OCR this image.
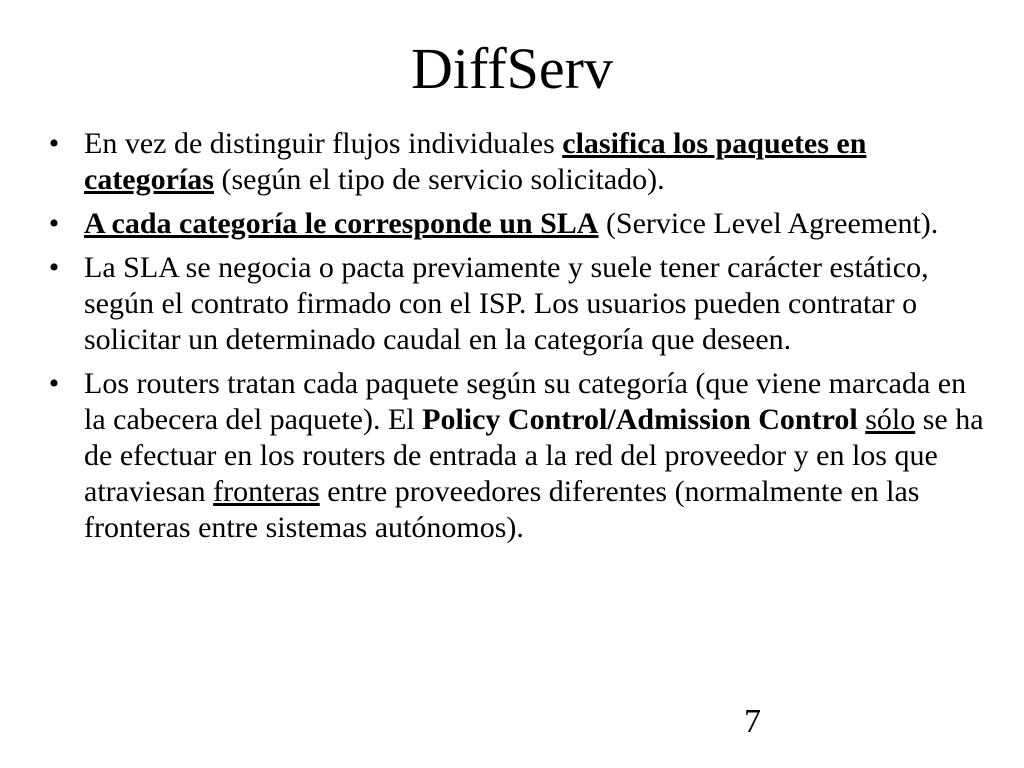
DiffServ
• En vez de distinguir flujos individuales clasifica los paquetes en categorías (según el tipo de servicio solicitado).
• A cada categoría le corresponde un SLA (Service Level Agreement).
• La SLA se negocia o pacta previamente y suele tener carácter estático, según el contrato firmado con el ISP. Los usuarios pueden contratar o solicitar un determinado caudal en la categoría que deseen.
• Los routers tratan cada paquete según su categoría (que viene marcada en la cabecera del paquete). El Policy Control/Admission Control sólo se ha de efectuar en los routers de entrada a la red del proveedor y en los que atraviesan fronteras entre proveedores diferentes (normalmente en las fronteras entre sistemas autónomos).
7
